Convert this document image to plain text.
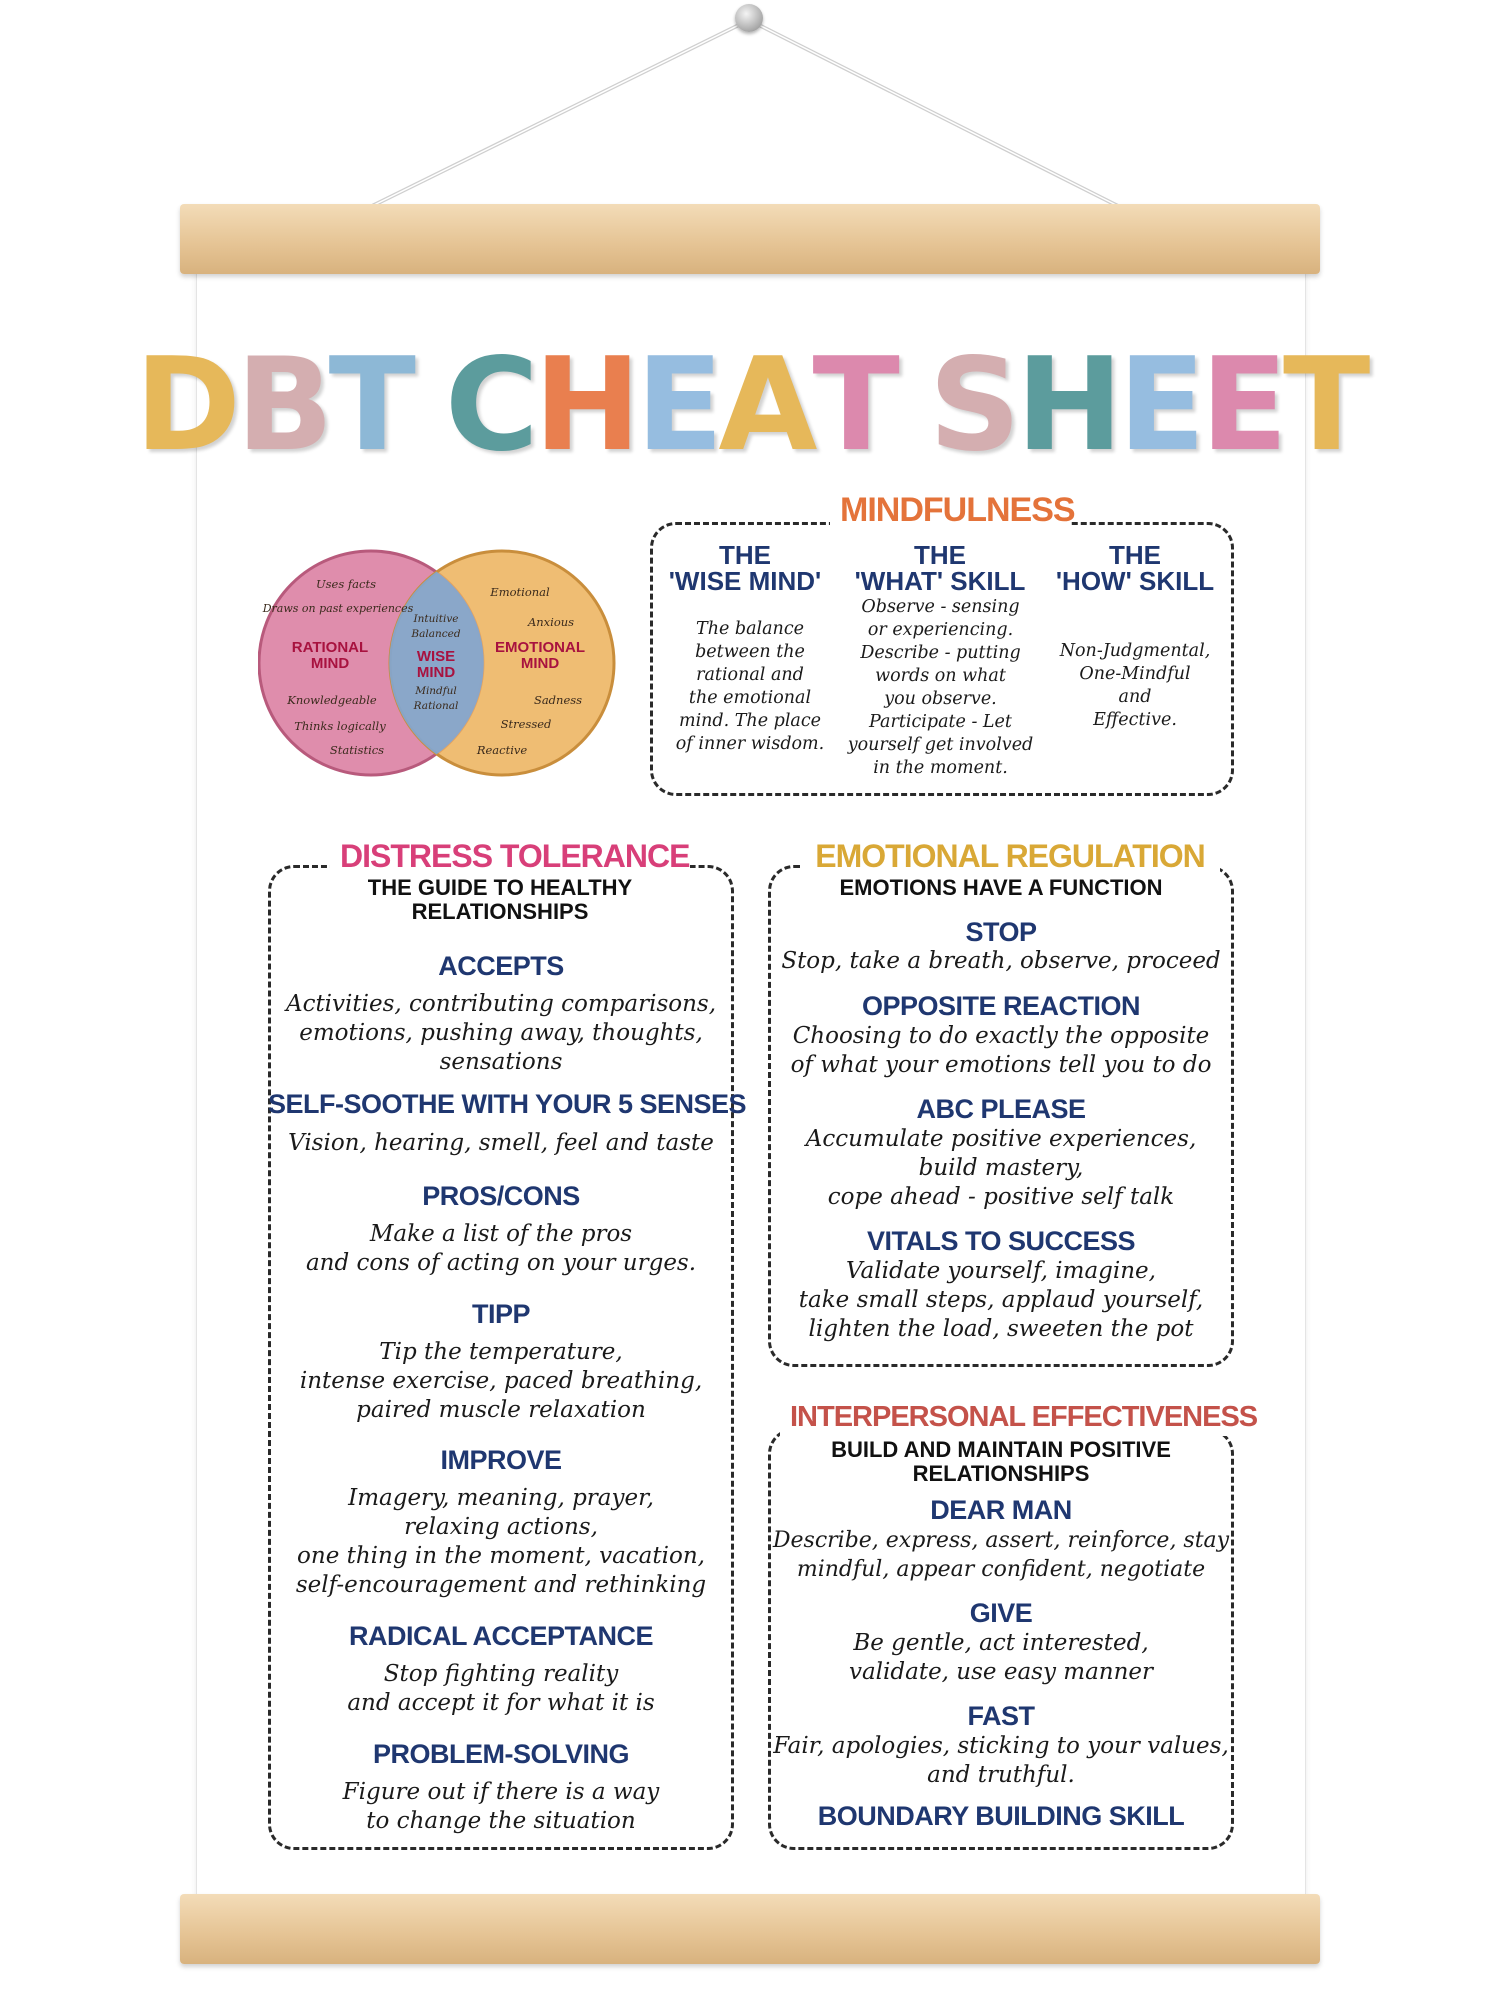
DBT CHEAT SHEET
Uses facts
Draws on past experiences
RATIONAL MIND
Knowledgeable
Thinks logically
Statistics
Intuitive
Balanced
WISE MIND
Mindful
Rational
Emotional
Anxious
EMOTIONAL MIND
Sadness
Stressed
Reactive
MINDFULNESS
THE
'WISE MIND'
The balance
between the
rational and
the emotional
mind. The place
of inner wisdom.
THE
'WHAT' SKILL
Observe - sensing
or experiencing.
Describe - putting
words on what
you observe.
Participate - Let
yourself get involved
in the moment.
THE
'HOW' SKILL
Non-Judgmental,
One-Mindful
and
Effective.
DISTRESS TOLERANCE
THE GUIDE TO HEALTHY RELATIONSHIPS
ACCEPTS
Activities, contributing comparisons,
emotions, pushing away, thoughts,
sensations
SELF-SOOTHE WITH YOUR 5 SENSES
Vision, hearing, smell, feel and taste
PROS/CONS
Make a list of the pros
and cons of acting on your urges.
TIPP
Tip the temperature,
intense exercise, paced breathing,
paired muscle relaxation
IMPROVE
Imagery, meaning, prayer,
relaxing actions,
one thing in the moment, vacation,
self-encouragement and rethinking
RADICAL ACCEPTANCE
Stop fighting reality
and accept it for what it is
PROBLEM-SOLVING
Figure out if there is a way
to change the situation
EMOTIONAL REGULATION
EMOTIONS HAVE A FUNCTION
STOP
Stop, take a breath, observe, proceed
OPPOSITE REACTION
Choosing to do exactly the opposite
of what your emotions tell you to do
ABC PLEASE
Accumulate positive experiences,
build mastery,
cope ahead - positive self talk
VITALS TO SUCCESS
Validate yourself, imagine,
take small steps, applaud yourself,
lighten the load, sweeten the pot
INTERPERSONAL EFFECTIVENESS
BUILD AND MAINTAIN POSITIVE RELATIONSHIPS
DEAR MAN
Describe, express, assert, reinforce, stay
mindful, appear confident, negotiate
GIVE
Be gentle, act interested,
validate, use easy manner
FAST
Fair, apologies, sticking to your values,
and truthful.
BOUNDARY BUILDING SKILL
